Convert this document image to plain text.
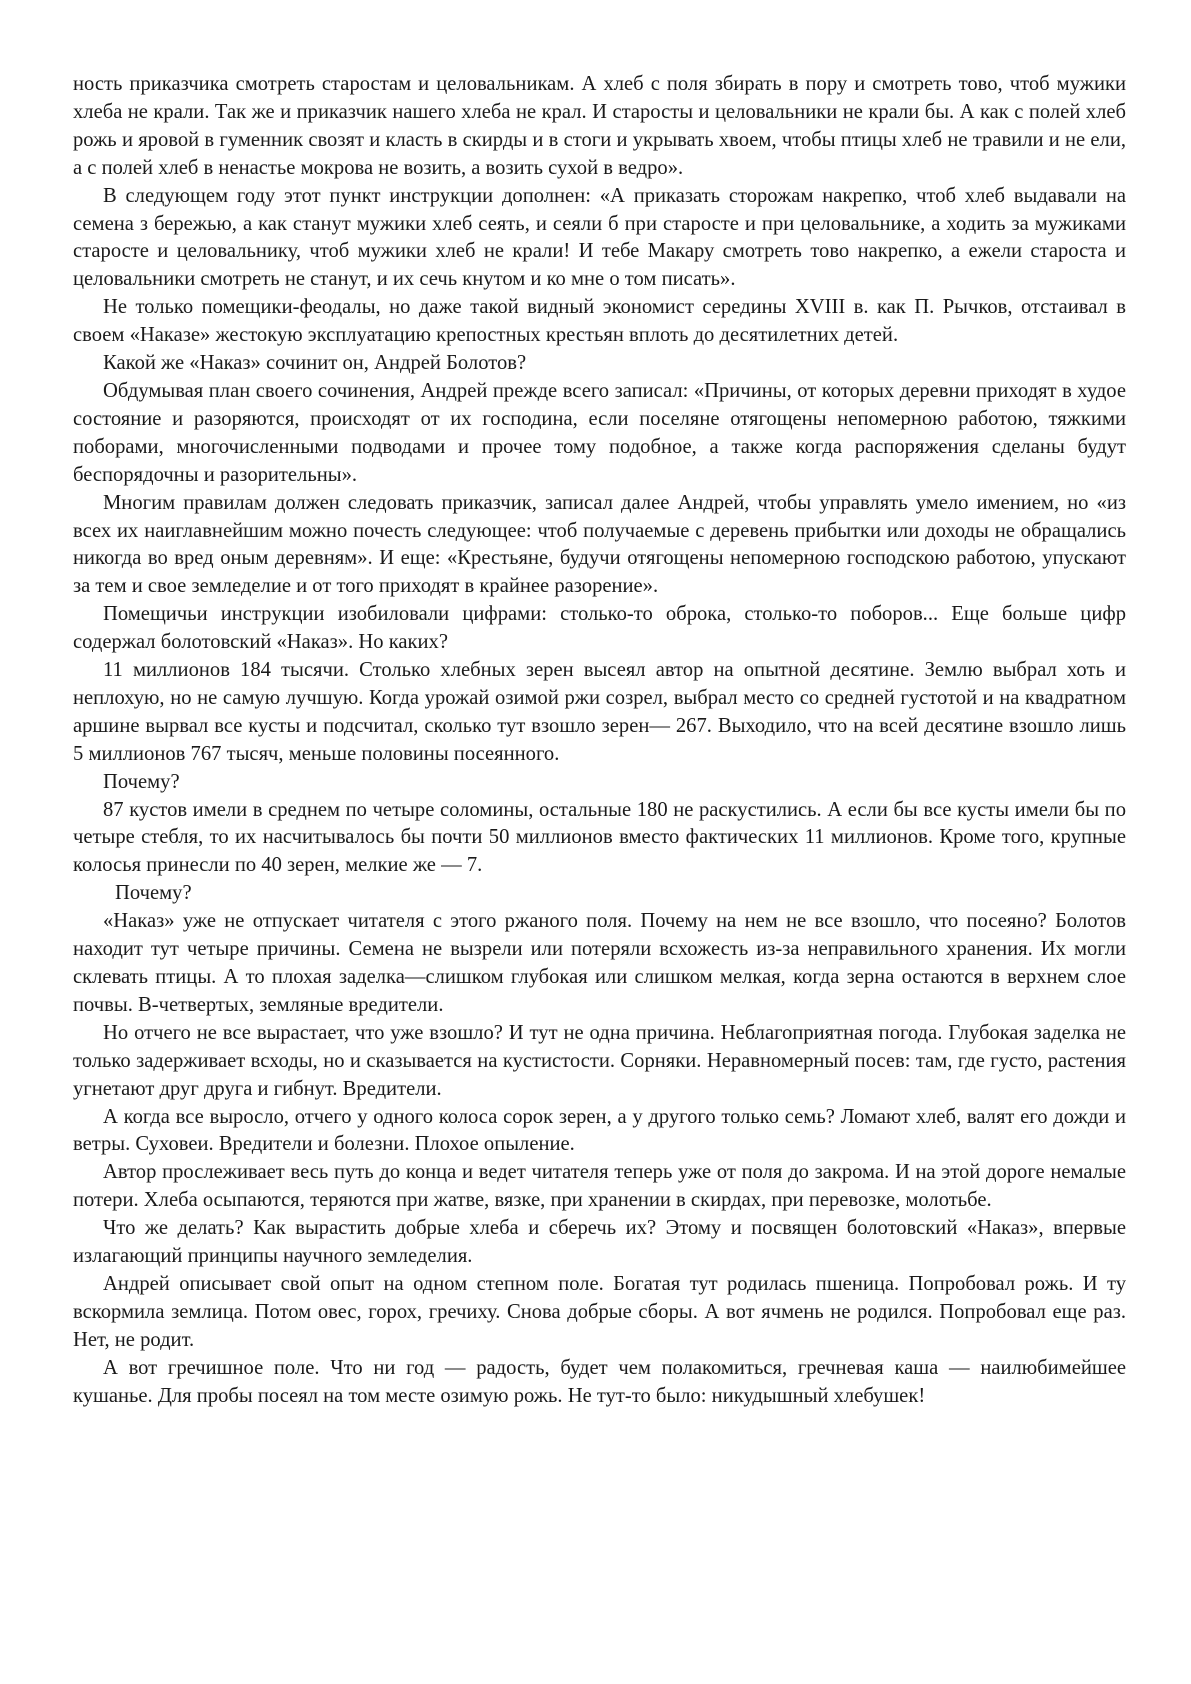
ность приказчика смотреть старостам и целовальникам. А хлеб с поля збирать в пору и смотреть тово, чтоб мужики хлеба не крали. Так же и приказчик нашего хлеба не крал. И старосты и целовальники не крали бы. А как с полей хлеб рожь и яровой в гуменник свозят и класть в скирды и в стоги и укрывать хвоем, чтобы птицы хлеб не травили и не ели, а с полей хлеб в ненастье мокрова не возить, а возить сухой в ведро».

В следующем году этот пункт инструкции дополнен: «А приказать сторожам накрепко, чтоб хлеб выдавали на семена з бережью, а как станут мужики хлеб сеять, и сеяли б при старосте и при целовальнике, а ходить за мужиками старосте и целовальнику, чтоб мужики хлеб не крали! И тебе Макару смотреть тово накрепко, а ежели староста и целовальники смотреть не станут, и их сечь кнутом и ко мне о том писать».

Не только помещики-феодалы, но даже такой видный экономист середины XVIII в. как П. Рычков, отстаивал в своем «Наказе» жестокую эксплуатацию крепостных крестьян вплоть до десятилетних детей.

Какой же «Наказ» сочинит он, Андрей Болотов?

Обдумывая план своего сочинения, Андрей прежде всего записал: «Причины, от которых деревни приходят в худое состояние и разоряются, происходят от их господина, если поселяне отягощены непомерною работою, тяжкими поборами, многочисленными подводами и прочее тому подобное, а также когда распоряжения сделаны будут беспорядочны и разорительны».

Многим правилам должен следовать приказчик, записал далее Андрей, чтобы управлять умело имением, но «из всех их наиглавнейшим можно почесть следующее: чтоб получаемые с деревень прибытки или доходы не обращались никогда во вред оным деревням». И еще: «Крестьяне, будучи отягощены непомерною господскою работою, упускают за тем и свое земледелие и от того приходят в крайнее разорение».

Помещичьи инструкции изобиловали цифрами: столько-то оброка, столько-то поборов... Еще больше цифр содержал болотовский «Наказ». Но каких?

11 миллионов 184 тысячи. Столько хлебных зерен высеял автор на опытной десятине. Землю выбрал хоть и неплохую, но не самую лучшую. Когда урожай озимой ржи созрел, выбрал место со средней густотой и на квадратном аршине вырвал все кусты и подсчитал, сколько тут взошло зерен— 267. Выходило, что на всей десятине взошло лишь 5 миллионов 767 тысяч, меньше половины посеянного.

Почему?

87 кустов имели в среднем по четыре соломины, остальные 180 не раскустились. А если бы все кусты имели бы по четыре стебля, то их насчитывалось бы почти 50 миллионов вместо фактических 11 миллионов. Кроме того, крупные колосья принесли по 40 зерен, мелкие же — 7.

Почему?

«Наказ» уже не отпускает читателя с этого ржаного поля. Почему на нем не все взошло, что посеяно? Болотов находит тут четыре причины. Семена не вызрели или потеряли всхожесть из-за неправильного хранения. Их могли склевать птицы. А то плохая заделка—слишком глубокая или слишком мелкая, когда зерна остаются в верхнем слое почвы. В-четвертых, земляные вредители.

Но отчего не все вырастает, что уже взошло? И тут не одна причина. Неблагоприятная погода. Глубокая заделка не только задерживает всходы, но и сказывается на кустистости. Сорняки. Неравномерный посев: там, где густо, растения угнетают друг друга и гибнут. Вредители.

А когда все выросло, отчего у одного колоса сорок зерен, а у другого только семь? Ломают хлеб, валят его дожди и ветры. Суховеи. Вредители и болезни. Плохое опыление.

Автор прослеживает весь путь до конца и ведет читателя теперь уже от поля до закрома. И на этой дороге немалые потери. Хлеба осыпаются, теряются при жатве, вязке, при хранении в скирдах, при перевозке, молотьбе.

Что же делать? Как вырастить добрые хлеба и сберечь их? Этому и посвящен болотовский «Наказ», впервые излагающий принципы научного земледелия.

Андрей описывает свой опыт на одном степном поле. Богатая тут родилась пшеница. Попробовал рожь. И ту вскормила землица. Потом овес, горох, гречиху. Снова добрые сборы. А вот ячмень не родился. Попробовал еще раз. Нет, не родит.

А вот гречишное поле. Что ни год — радость, будет чем полакомиться, гречневая каша — наилюбимейшее кушанье. Для пробы посеял на том месте озимую рожь. Не тут-то было: никудышный хлебушек!
